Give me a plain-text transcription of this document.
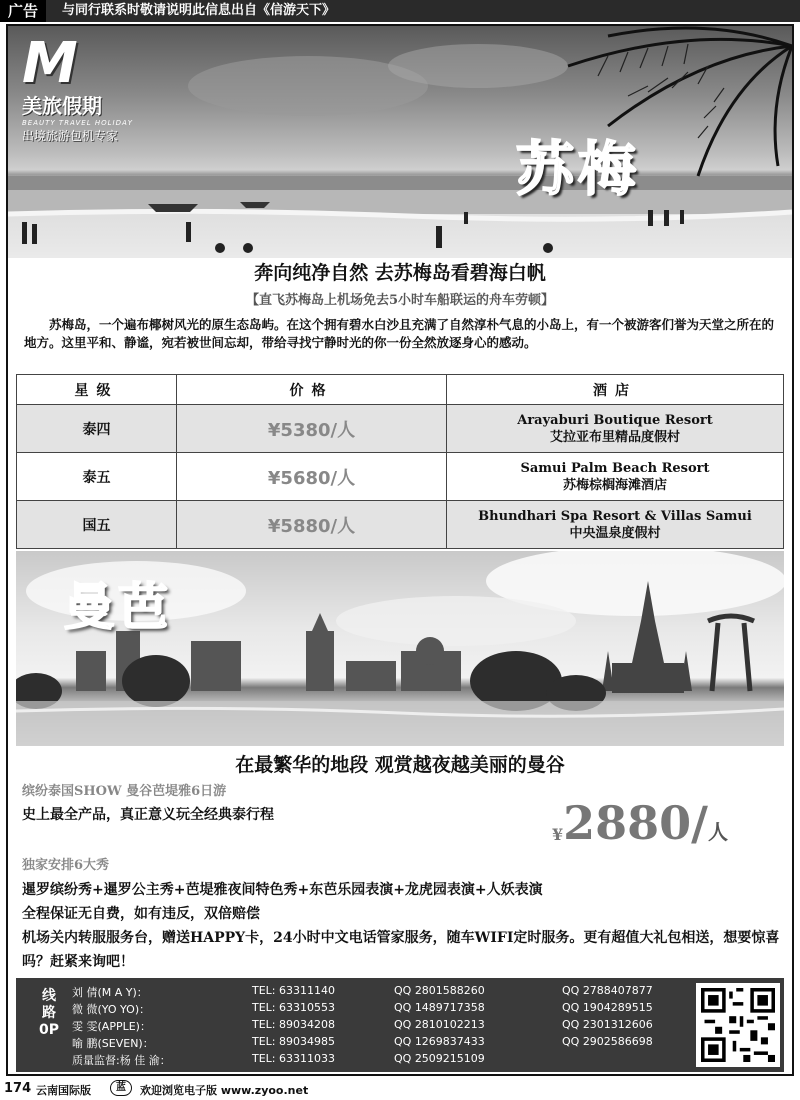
广告	与同行联系时敬请说明此信息出自《信游天下》
M
美旅假期
BEAUTY TRAVEL HOLIDAY
出境旅游包机专家	苏梅
奔向纯净自然 去苏梅岛看碧海白帆
【直飞苏梅岛上机场免去5小时车船联运的舟车劳顿】
苏梅岛，一个遍布椰树风光的原生态岛屿。在这个拥有碧水白沙且充满了自然淳朴气息的小岛上，有一个被游客们誉为天堂之所在的地方。这里平和、静谧，宛若被世间忘却，带给寻找宁静时光的你一份全然放逐身心的感动。
星级	价格	酒店
泰四	¥5380/人	Arayaburi Boutique Resort
艾拉亚布里精品度假村

泰五	¥5680/人	Samui Palm Beach Resort
苏梅棕榈海滩酒店

国五	¥5880/人	Bhundhari Spa Resort & Villas Samui
中央温泉度假村
曼芭
在最繁华的地段 观赏越夜越美丽的曼谷
缤纷泰国SHOW 曼谷芭堤雅6日游
史上最全产品，真正意义玩全经典泰行程
¥2880/人
独家安排6大秀
暹罗缤纷秀+暹罗公主秀+芭堤雅夜间特色秀+东芭乐园表演+龙虎园表演+人妖表演
全程保证无自费，如有违反，双倍赔偿
机场关内转服服务台，赠送HAPPY卡，24小时中文电话管家服务，随车WIFI定时服务。更有超值大礼包相送，想要惊喜吗？赶紧来询吧！
线路0P
刘 倩(M A Y)：	TEL: 63311140	QQ 2801588260	QQ 2788407877
微 微(YO YO)：	TEL: 63310553	QQ 1489717358	QQ 1904289515
雯 雯(APPLE)：	TEL: 89034208	QQ 2810102213	QQ 2301312606
喻 鹏(SEVEN)：	TEL: 89034985	QQ 1269837433	QQ 2902586698
质量监督:杨 佳 渝：	TEL: 63311033	QQ 2509215109
174 云南国际版	蓝	欢迎浏览电子版 www.zyoo.net
